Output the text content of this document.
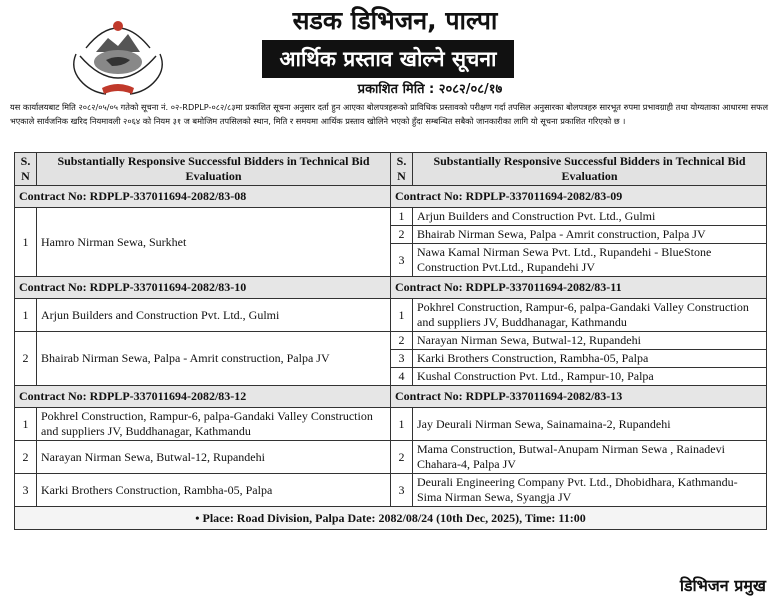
सडक डिभिजन, पाल्पा
आर्थिक प्रस्ताव खोल्ने सूचना
प्रकाशित मिति : २०८२/०८/१७
यस कार्यालयबाट मिति २०८२/०५/०५ गतेको सूचना नं. ०२-RDPLP-०८२/८३मा प्रकाशित सूचना अनुसार दर्ता हुन आएका बोलपत्रहरूको प्राविधिक प्रस्तावको परीक्षण गर्दा तपसिल अनुसारका बोलपत्रहरु सारभूत रुपमा प्रभावग्राही तथा योग्यताका आधारमा सफल भएकाले सार्वजनिक खरिद नियमावली २०६४ को नियम ३१ ज बमोजिम तपसिलको स्थान, मिति र समयमा आर्थिक प्रस्ताव खोलिने भएको हुँदा सम्बन्धित सबैको जानकारीका लागि यो सूचना प्रकाशित गरिएको छ ।
S. N	Substantially Responsive Successful Bidders in Technical Bid Evaluation	S. N	Substantially Responsive Successful Bidders in Technical Bid Evaluation
Contract No: RDPLP-337011694-2082/83-08		Contract No: RDPLP-337011694-2082/83-09	
1	Hamro Nirman Sewa, Surkhet	1	Arjun Builders and Construction Pvt. Ltd., Gulmi
		2	Bhairab Nirman Sewa, Palpa - Amrit construction, Palpa JV
		3	Nawa Kamal Nirman Sewa Pvt. Ltd., Rupandehi - BlueStone Construction Pvt.Ltd., Rupandehi JV
Contract No: RDPLP-337011694-2082/83-10		Contract No: RDPLP-337011694-2082/83-11	
1	Arjun Builders and Construction Pvt. Ltd., Gulmi	1	Pokhrel Construction, Rampur-6, palpa-Gandaki Valley Construction and suppliers JV, Buddhanagar, Kathmandu
2	Bhairab Nirman Sewa, Palpa - Amrit construction, Palpa JV	2	Narayan Nirman Sewa, Butwal-12, Rupandehi
		3	Karki Brothers Construction, Rambha-05, Palpa
		4	Kushal Construction Pvt. Ltd., Rampur-10, Palpa
Contract No: RDPLP-337011694-2082/83-12		Contract No: RDPLP-337011694-2082/83-13	
1	Pokhrel Construction, Rampur-6, palpa-Gandaki Valley Construction and suppliers JV, Buddhanagar, Kathmandu	1	Jay Deurali Nirman Sewa, Sainamaina-2, Rupandehi
2	Narayan Nirman Sewa, Butwal-12, Rupandehi	2	Mama Construction, Butwal-Anupam Nirman Sewa , Rainadevi Chahara-4, Palpa JV
3	Karki Brothers Construction, Rambha-05, Palpa	3	Deurali Engineering Company Pvt. Ltd., Dhobidhara, Kathmandu-Sima Nirman Sewa, Syangja JV
• Place: Road Division, Palpa Date: 2082/08/24 (10th Dec, 2025), Time: 11:00			
डिभिजन प्रमुख
